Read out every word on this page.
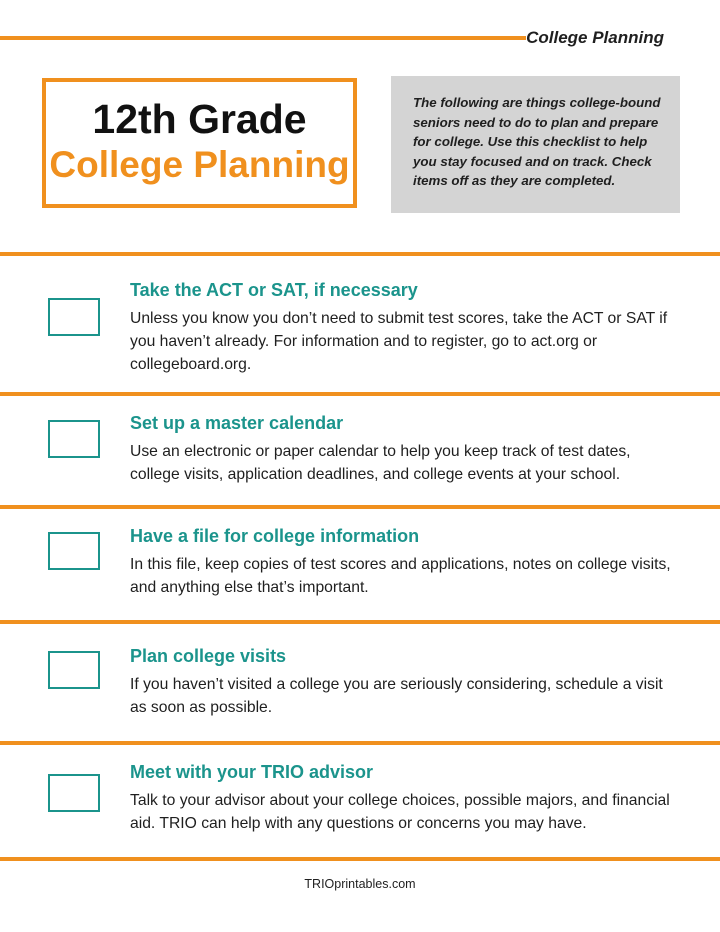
College Planning
12th Grade
College Planning
The following are things college-bound seniors need to do to plan and prepare for college. Use this checklist to help you stay focused and on track. Check items off as they are completed.
Take the ACT or SAT, if necessary
Unless you know you don’t need to submit test scores, take the ACT or SAT if you haven’t already. For information and to register, go to act.org or collegeboard.org.
Set up a master calendar
Use an electronic or paper calendar to help you keep track of test dates, college visits, application deadlines, and college events at your school.
Have a file for college information
In this file, keep copies of test scores and applications, notes on college visits, and anything else that’s important.
Plan college visits
If you haven’t visited a college you are seriously considering, schedule a visit as soon as possible.
Meet with your TRIO advisor
Talk to your advisor about your college choices, possible majors, and financial aid. TRIO can help with any questions or concerns you may have.
TRIOprintables.com
